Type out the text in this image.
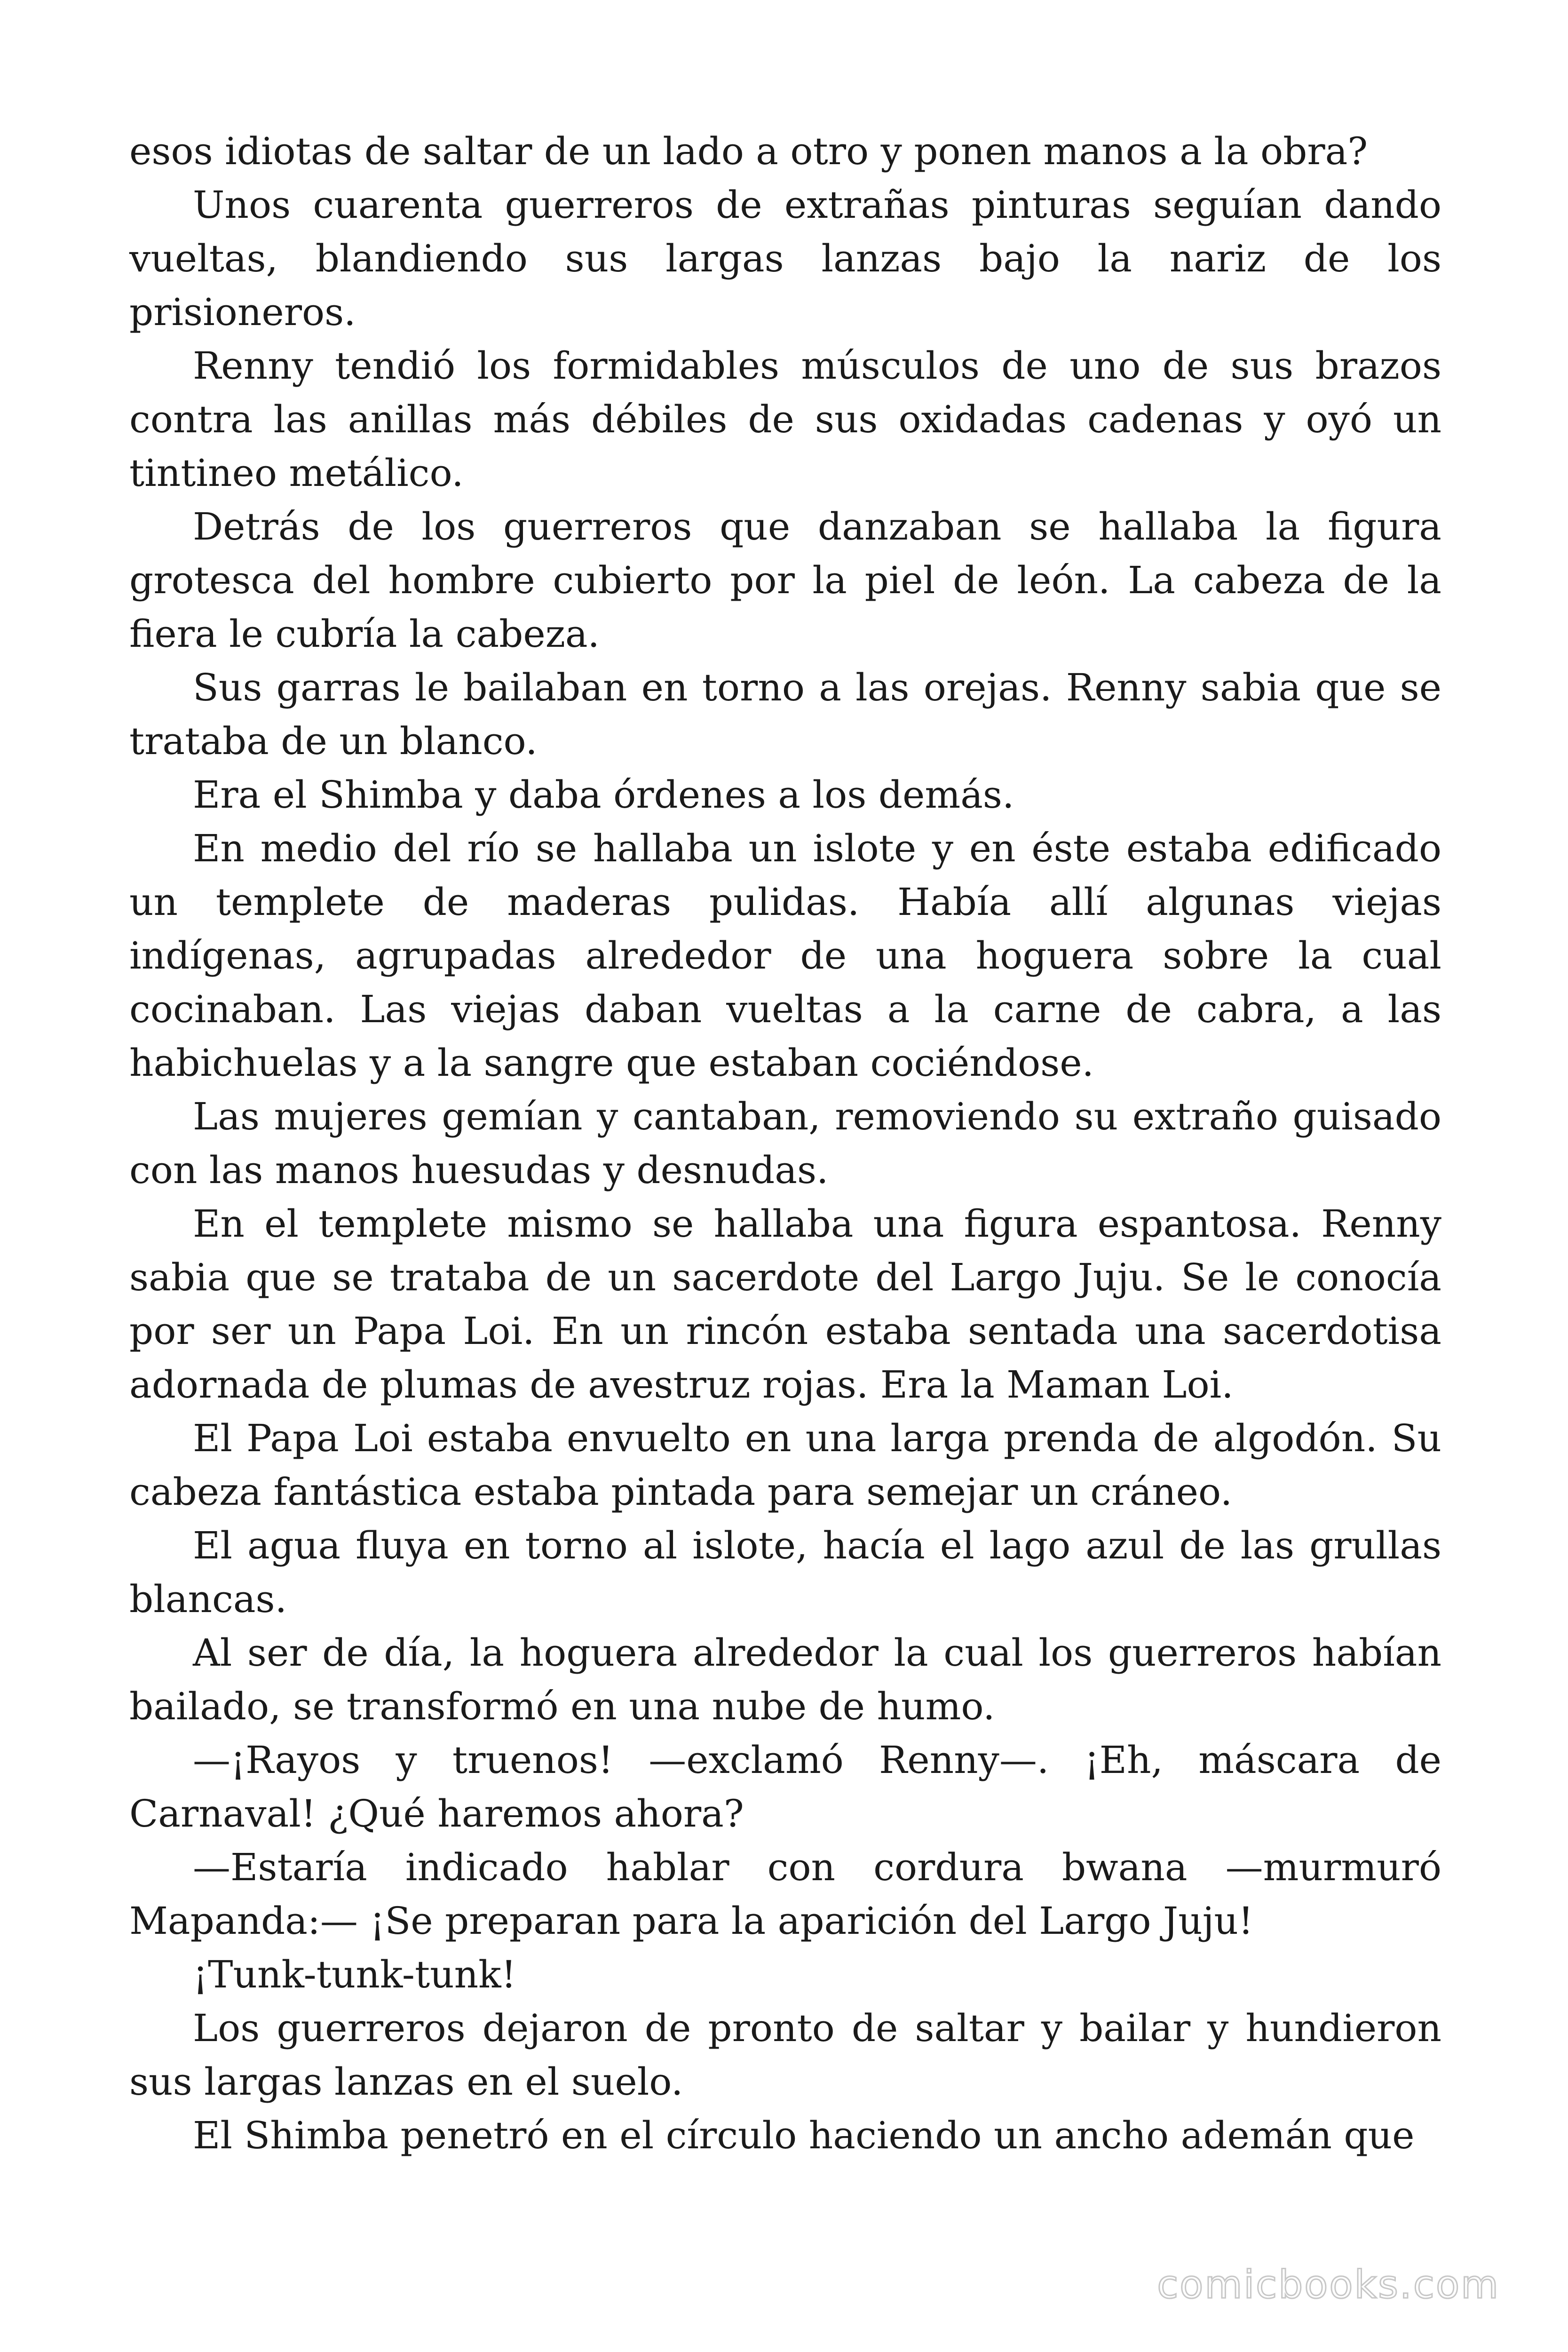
esos idiotas de saltar de un lado a otro y ponen manos a la obra?

Unos cuarenta guerreros de extrañas pinturas seguían dando vueltas, blandiendo sus largas lanzas bajo la nariz de los prisioneros.

Renny tendió los formidables músculos de uno de sus brazos contra las anillas más débiles de sus oxidadas cadenas y oyó un tintineo metálico.

Detrás de los guerreros que danzaban se hallaba la figura grotesca del hombre cubierto por la piel de león. La cabeza de la fiera le cubría la cabeza.

Sus garras le bailaban en torno a las orejas. Renny sabia que se trataba de un blanco.

Era el Shimba y daba órdenes a los demás.

En medio del río se hallaba un islote y en éste estaba edificado un templete de maderas pulidas. Había allí algunas viejas indígenas, agrupadas alrededor de una hoguera sobre la cual cocinaban. Las viejas daban vueltas a la carne de cabra, a las habichuelas y a la sangre que estaban cociéndose.

Las mujeres gemían y cantaban, removiendo su extraño guisado con las manos huesudas y desnudas.

En el templete mismo se hallaba una figura espantosa. Renny sabia que se trataba de un sacerdote del Largo Juju. Se le conocía por ser un Papa Loi. En un rincón estaba sentada una sacerdotisa adornada de plumas de avestruz rojas. Era la Maman Loi.

El Papa Loi estaba envuelto en una larga prenda de algodón. Su cabeza fantástica estaba pintada para semejar un cráneo.

El agua fluya en torno al islote, hacía el lago azul de las grullas blancas.

Al ser de día, la hoguera alrededor la cual los guerreros habían bailado, se transformó en una nube de humo.

—¡Rayos y truenos! —exclamó Renny—. ¡Eh, máscara de Carnaval! ¿Qué haremos ahora?

—Estaría indicado hablar con cordura bwana —murmuró Mapanda:— ¡Se preparan para la aparición del Largo Juju!

¡Tunk-tunk-tunk!

Los guerreros dejaron de pronto de saltar y bailar y hundieron sus largas lanzas en el suelo.

El Shimba penetró en el círculo haciendo un ancho ademán que

comicbooks.com
